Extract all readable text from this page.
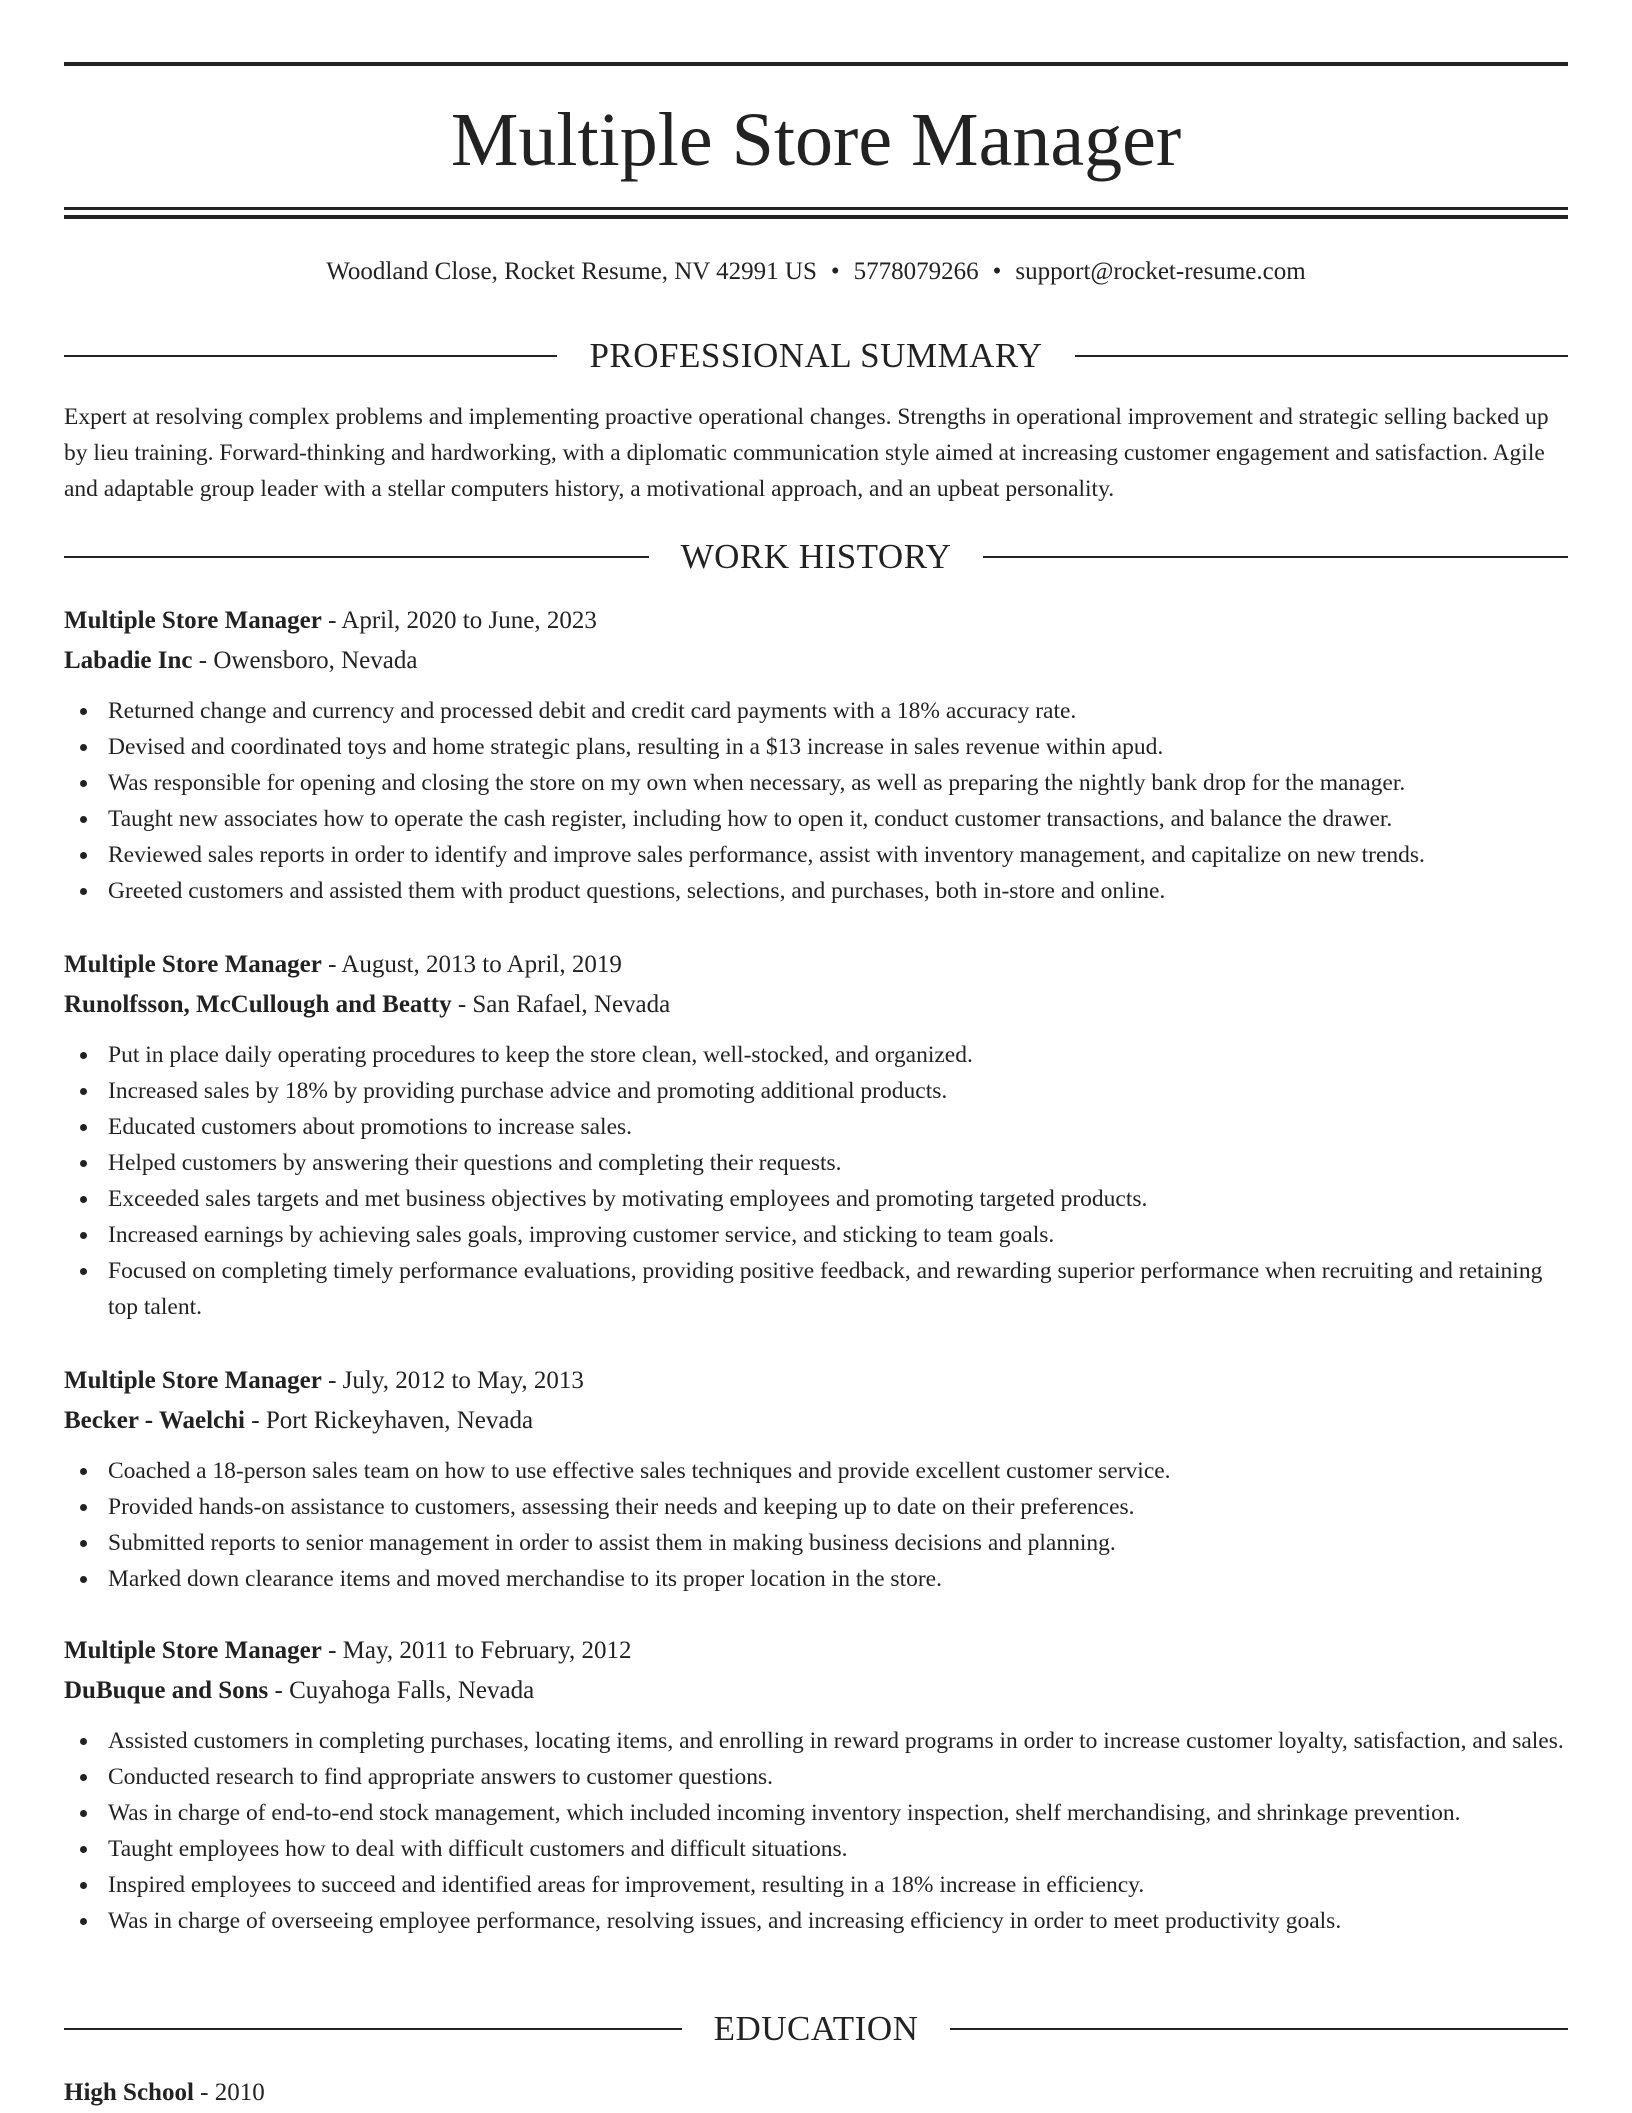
Multiple Store Manager
Woodland Close, Rocket Resume, NV 42991 US • 5778079266 • support@rocket-resume.com
PROFESSIONAL SUMMARY

Expert at resolving complex problems and implementing proactive operational changes. Strengths in operational improvement and strategic selling backed up by lieu training. Forward-thinking and hardworking, with a diplomatic communication style aimed at increasing customer engagement and satisfaction. Agile and adaptable group leader with a stellar computers history, a motivational approach, and an upbeat personality.

WORK HISTORY
Multiple Store Manager - April, 2020 to June, 2023
Labadie Inc - Owensboro, Nevada
Returned change and currency and processed debit and credit card payments with a 18% accuracy rate.
Devised and coordinated toys and home strategic plans, resulting in a $13 increase in sales revenue within apud.
Was responsible for opening and closing the store on my own when necessary, as well as preparing the nightly bank drop for the manager.
Taught new associates how to operate the cash register, including how to open it, conduct customer transactions, and balance the drawer.
Reviewed sales reports in order to identify and improve sales performance, assist with inventory management, and capitalize on new trends.
Greeted customers and assisted them with product questions, selections, and purchases, both in-store and online.
Multiple Store Manager - August, 2013 to April, 2019
Runolfsson, McCullough and Beatty - San Rafael, Nevada
Put in place daily operating procedures to keep the store clean, well-stocked, and organized.
Increased sales by 18% by providing purchase advice and promoting additional products.
Educated customers about promotions to increase sales.
Helped customers by answering their questions and completing their requests.
Exceeded sales targets and met business objectives by motivating employees and promoting targeted products.
Increased earnings by achieving sales goals, improving customer service, and sticking to team goals.
Focused on completing timely performance evaluations, providing positive feedback, and rewarding superior performance when recruiting and retaining top talent.
Multiple Store Manager - July, 2012 to May, 2013
Becker - Waelchi - Port Rickeyhaven, Nevada
Coached a 18-person sales team on how to use effective sales techniques and provide excellent customer service.
Provided hands-on assistance to customers, assessing their needs and keeping up to date on their preferences.
Submitted reports to senior management in order to assist them in making business decisions and planning.
Marked down clearance items and moved merchandise to its proper location in the store.
Multiple Store Manager - May, 2011 to February, 2012
DuBuque and Sons - Cuyahoga Falls, Nevada
Assisted customers in completing purchases, locating items, and enrolling in reward programs in order to increase customer loyalty, satisfaction, and sales.
Conducted research to find appropriate answers to customer questions.
Was in charge of end-to-end stock management, which included incoming inventory inspection, shelf merchandising, and shrinkage prevention.
Taught employees how to deal with difficult customers and difficult situations.
Inspired employees to succeed and identified areas for improvement, resulting in a 18% increase in efficiency.
Was in charge of overseeing employee performance, resolving issues, and increasing efficiency in order to meet productivity goals.
EDUCATION
High School - 2010
